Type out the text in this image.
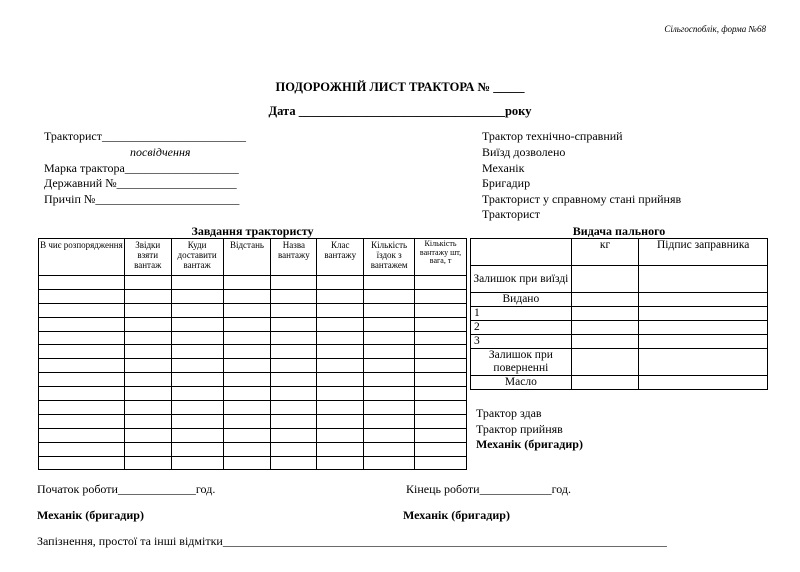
Сільгоспоблік, форма №68
ПОДОРОЖНІЙ ЛИСТ ТРАКТОРА № _____
Дата _________________________________року
Тракторист________________________
посвідчення
Марка трактора___________________
Державний №____________________
Причіп №________________________
Трактор технічно-справний
Виїзд дозволено
Механік
Бригадир
Тракторист у справному стані прийняв
Тракторист
Завдання трактористу
В чиє розпорядження	Звідки взяти вантаж	Куди доставити вантаж	Відстань	Назва вантажу	Клас вантажу	Кількість їздок з вантажем	Кількість вантажу шт, вага, т

Видача пального
	кг	Підпис заправника
Залишок при виїзді		
Видано		
1		
2		
3		
Залишок при поверненні		
Масло		
Трактор здав
Трактор прийняв
Механік (бригадир)
Початок роботи_____________год.	Кінець роботи____________год.
Механік (бригадир)	Механік (бригадир)
Запізнення, простої та інші відмітки__________________________________________________________________________
